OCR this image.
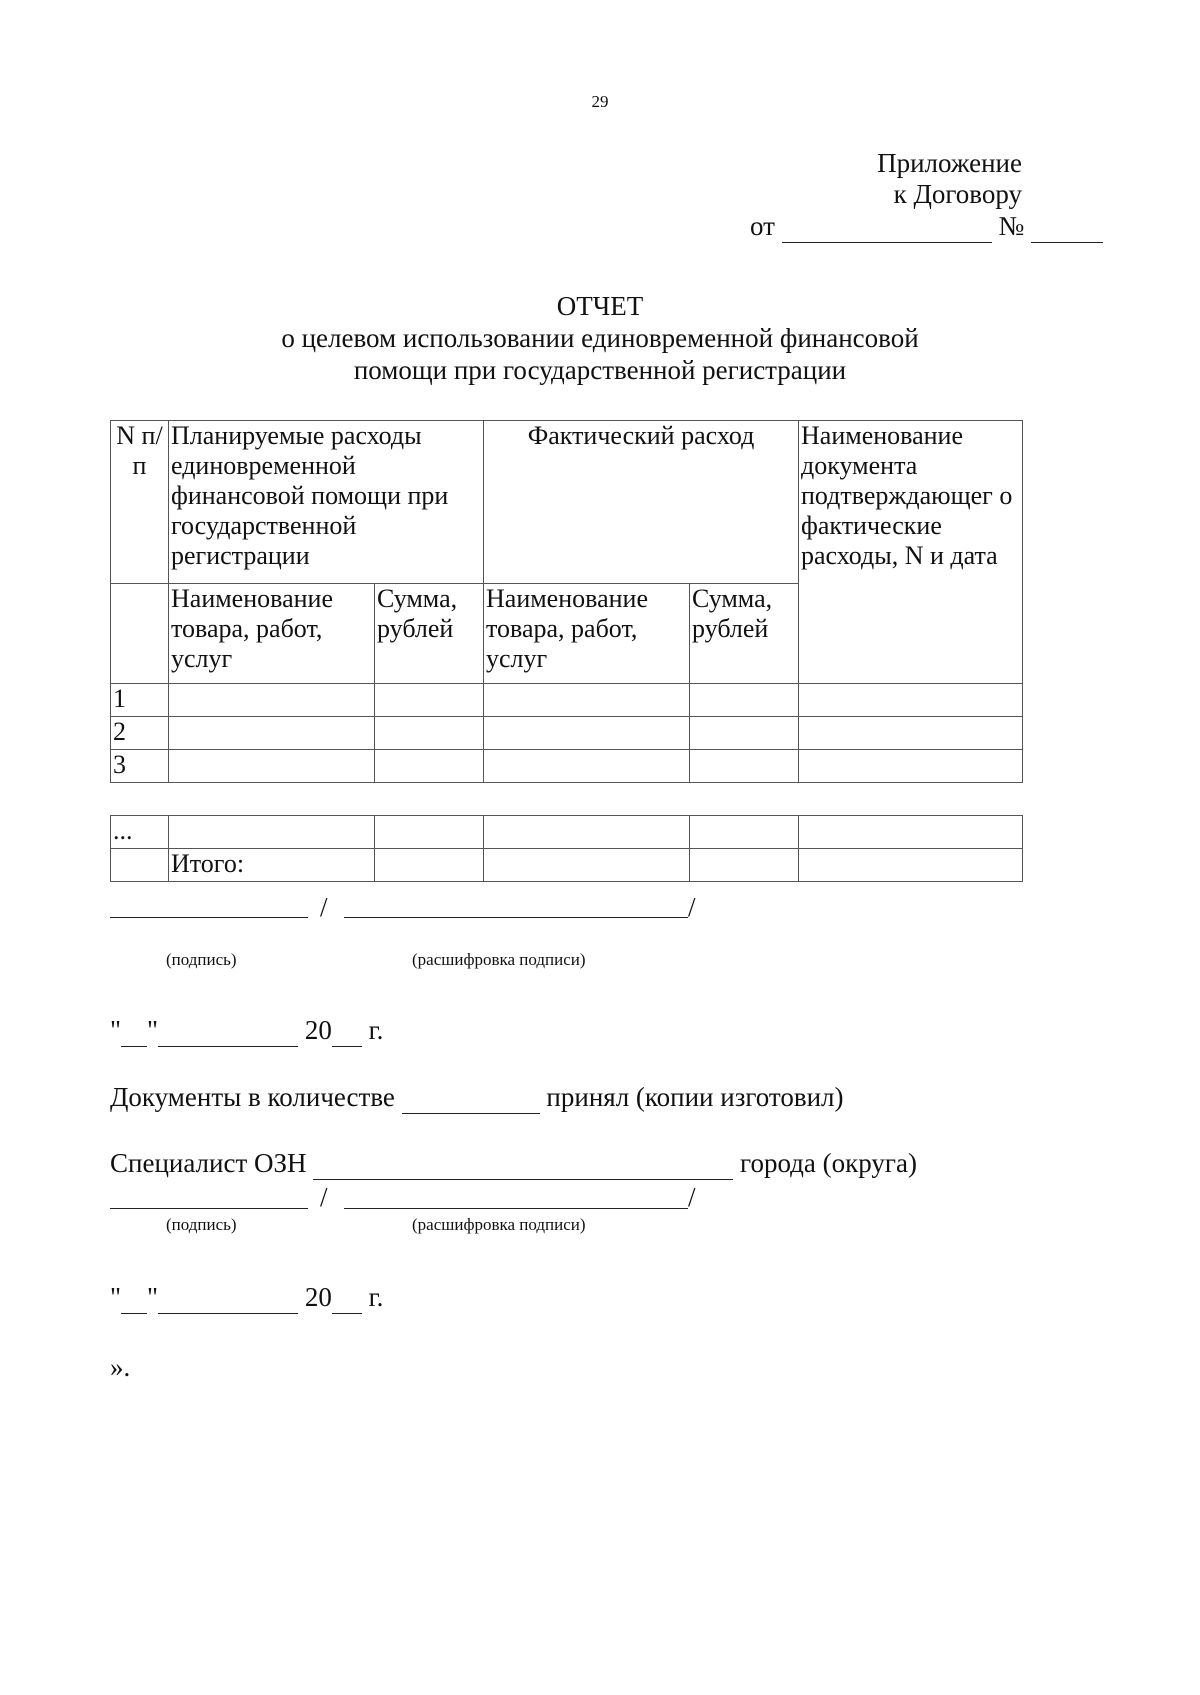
29
Приложение
к Договору
от	№
ОТЧЕТ
о целевом использовании единовременной финансовой
помощи при государственной регистрации
N п/п	Планируемые расходы единовременной финансовой помощи при государственной регистрации		Фактический расход		Наименование документа подтверждающег о фактические расходы, N и дата
	Наименование товара, работ, услуг	Сумма, рублей	Наименование товара, работ, услуг	Сумма, рублей	
1					
2					
3					
...					
	Итого:				
/	/
(подпись)	(расшифровка подписи)
" "	20 г.
Документы в количестве	принял (копии изготовил)
Специалист ОЗН	города (округа)
/	/
(подпись)	(расшифровка подписи)
" "	20 г.
».
